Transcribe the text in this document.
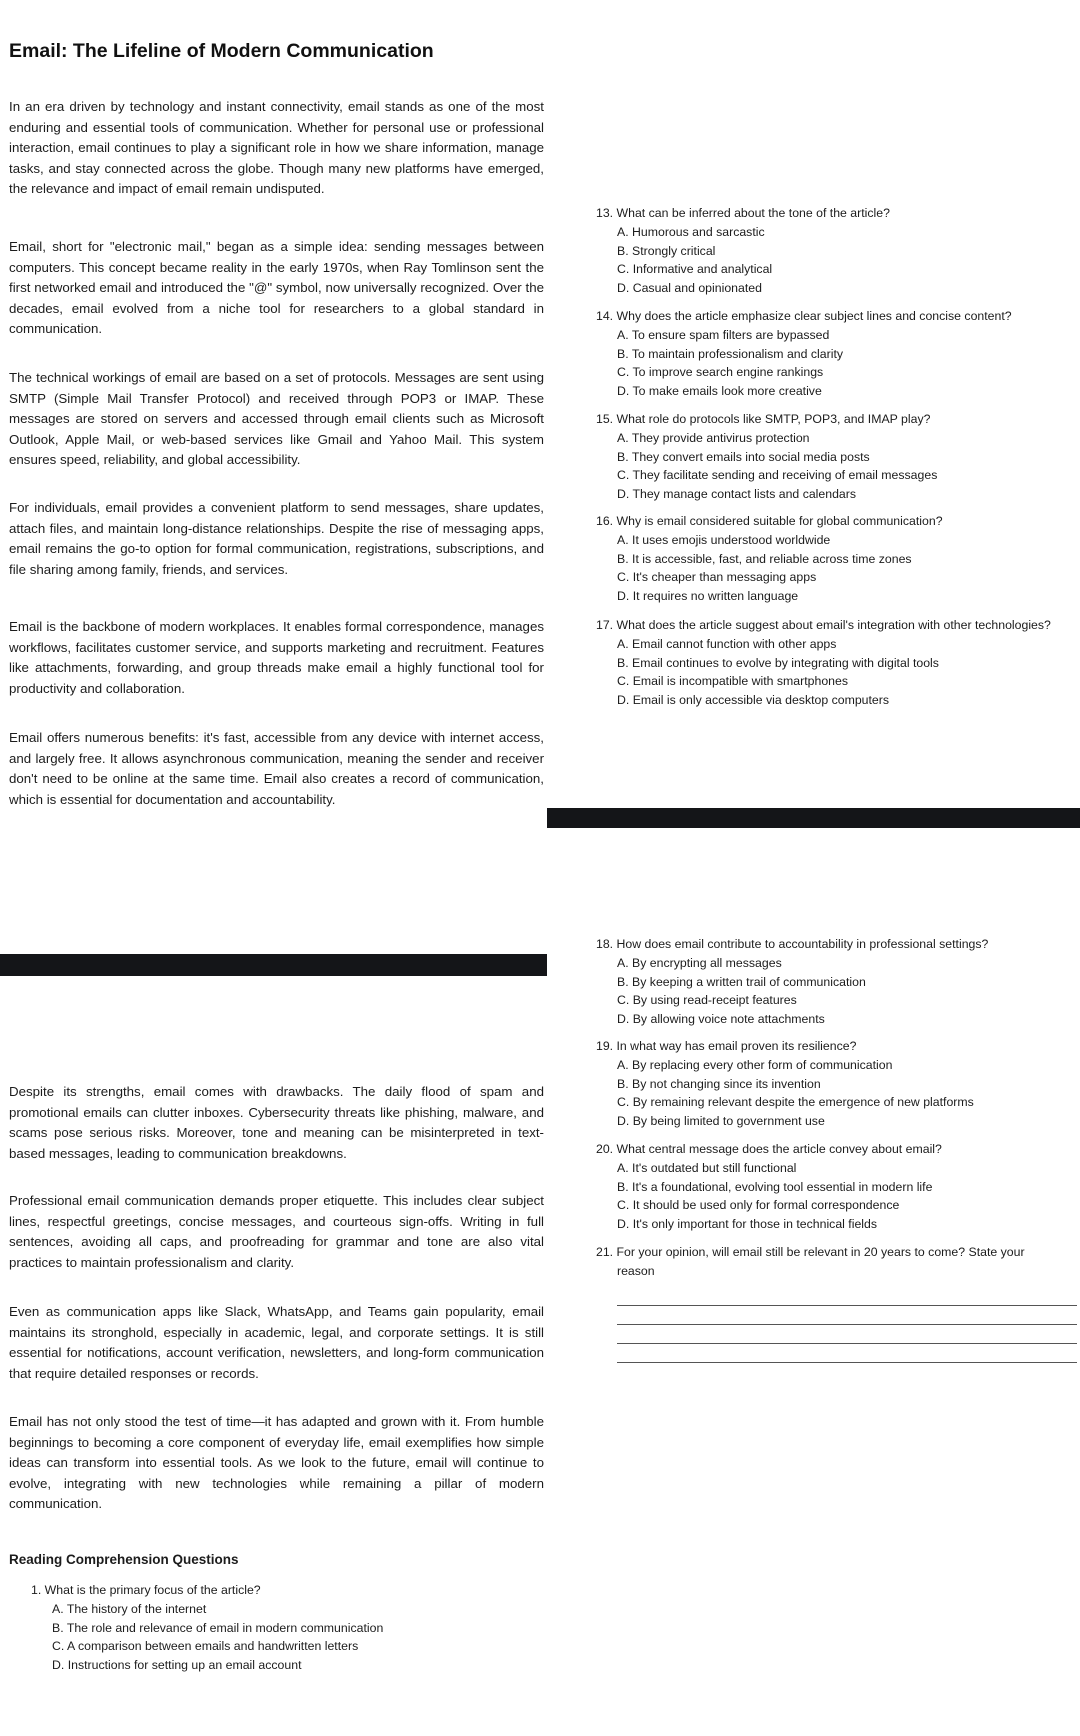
Email: The Lifeline of Modern Communication

In an era driven by technology and instant connectivity, email stands as one of the most enduring and essential tools of communication. Whether for personal use or professional interaction, email continues to play a significant role in how we share information, manage tasks, and stay connected across the globe. Though many new platforms have emerged, the relevance and impact of email remain undisputed.

Email, short for "electronic mail," began as a simple idea: sending messages between computers. This concept became reality in the early 1970s, when Ray Tomlinson sent the first networked email and introduced the "@" symbol, now universally recognized. Over the decades, email evolved from a niche tool for researchers to a global standard in communication.

The technical workings of email are based on a set of protocols. Messages are sent using SMTP (Simple Mail Transfer Protocol) and received through POP3 or IMAP. These messages are stored on servers and accessed through email clients such as Microsoft Outlook, Apple Mail, or web-based services like Gmail and Yahoo Mail. This system ensures speed, reliability, and global accessibility.

For individuals, email provides a convenient platform to send messages, share updates, attach files, and maintain long-distance relationships. Despite the rise of messaging apps, email remains the go-to option for formal communication, registrations, subscriptions, and file sharing among family, friends, and services.

Email is the backbone of modern workplaces. It enables formal correspondence, manages workflows, facilitates customer service, and supports marketing and recruitment. Features like attachments, forwarding, and group threads make email a highly functional tool for productivity and collaboration.

Email offers numerous benefits: it's fast, accessible from any device with internet access, and largely free. It allows asynchronous communication, meaning the sender and receiver don't need to be online at the same time. Email also creates a record of communication, which is essential for documentation and accountability.

Despite its strengths, email comes with drawbacks. The daily flood of spam and promotional emails can clutter inboxes. Cybersecurity threats like phishing, malware, and scams pose serious risks. Moreover, tone and meaning can be misinterpreted in text-based messages, leading to communication breakdowns.

Professional email communication demands proper etiquette. This includes clear subject lines, respectful greetings, concise messages, and courteous sign-offs. Writing in full sentences, avoiding all caps, and proofreading for grammar and tone are also vital practices to maintain professionalism and clarity.

Even as communication apps like Slack, WhatsApp, and Teams gain popularity, email maintains its stronghold, especially in academic, legal, and corporate settings. It is still essential for notifications, account verification, newsletters, and long-form communication that require detailed responses or records.

Email has not only stood the test of time—it has adapted and grown with it. From humble beginnings to becoming a core component of everyday life, email exemplifies how simple ideas can transform into essential tools. As we look to the future, email will continue to evolve, integrating with new technologies while remaining a pillar of modern communication.

Reading Comprehension Questions
1. What is the primary focus of the article?
A. The history of the internet
B. The role and relevance of email in modern communication
C. A comparison between emails and handwritten letters
D. Instructions for setting up an email account
13. What can be inferred about the tone of the article?
A. Humorous and sarcastic
B. Strongly critical
C. Informative and analytical
D. Casual and opinionated
14. Why does the article emphasize clear subject lines and concise content?
A. To ensure spam filters are bypassed
B. To maintain professionalism and clarity
C. To improve search engine rankings
D. To make emails look more creative
15. What role do protocols like SMTP, POP3, and IMAP play?
A. They provide antivirus protection
B. They convert emails into social media posts
C. They facilitate sending and receiving of email messages
D. They manage contact lists and calendars
16. Why is email considered suitable for global communication?
A. It uses emojis understood worldwide
B. It is accessible, fast, and reliable across time zones
C. It's cheaper than messaging apps
D. It requires no written language
17. What does the article suggest about email's integration with other technologies?
A. Email cannot function with other apps
B. Email continues to evolve by integrating with digital tools
C. Email is incompatible with smartphones
D. Email is only accessible via desktop computers
18. How does email contribute to accountability in professional settings?
A. By encrypting all messages
B. By keeping a written trail of communication
C. By using read-receipt features
D. By allowing voice note attachments
19. In what way has email proven its resilience?
A. By replacing every other form of communication
B. By not changing since its invention
C. By remaining relevant despite the emergence of new platforms
D. By being limited to government use
20. What central message does the article convey about email?
A. It's outdated but still functional
B. It's a foundational, evolving tool essential in modern life
C. It should be used only for formal correspondence
D. It's only important for those in technical fields
21. For your opinion, will email still be relevant in 20 years to come? State your
reason
